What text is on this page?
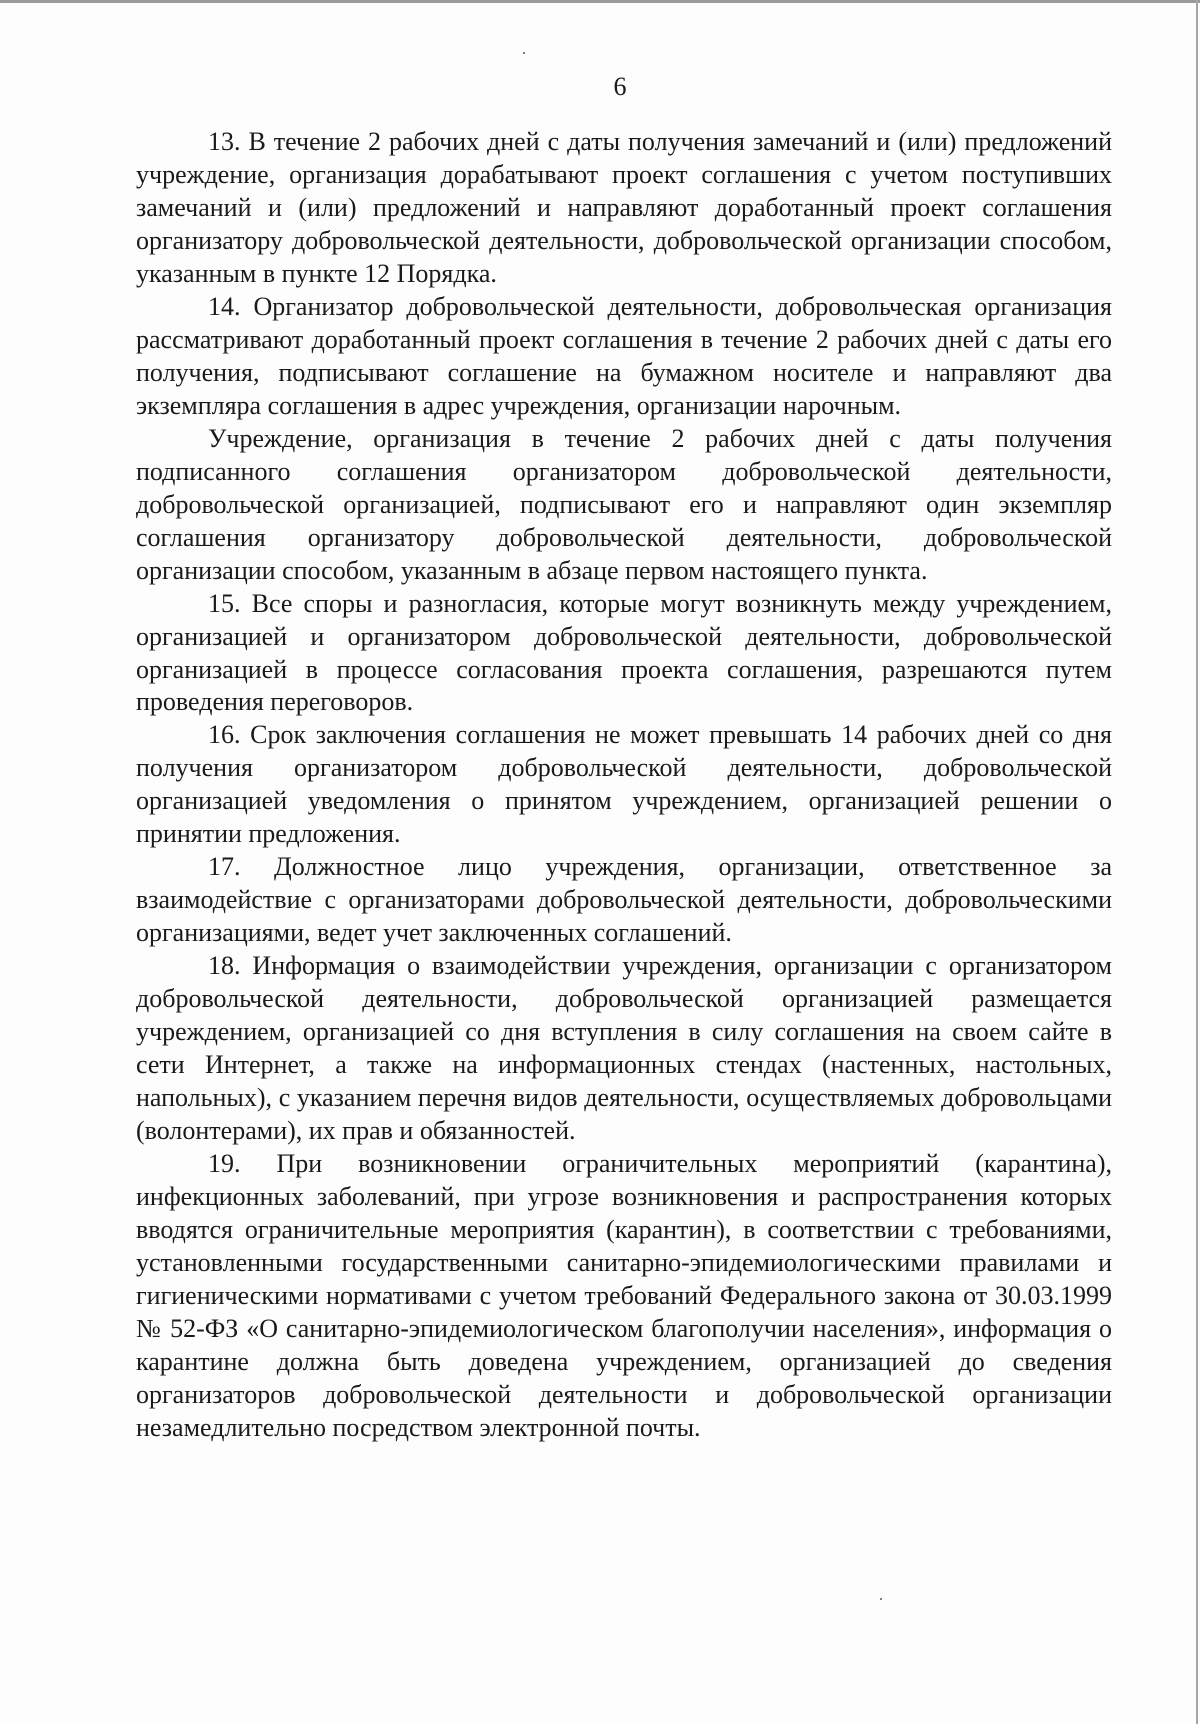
6

13. В течение 2 рабочих дней с даты получения замечаний и (или) предложений учреждение, организация дорабатывают проект соглашения с учетом поступивших замечаний и (или) предложений и направляют доработанный проект соглашения организатору добровольческой деятельности, добровольческой организации способом, указанным в пункте 12 Порядка.

14. Организатор добровольческой деятельности, добровольческая организация рассматривают доработанный проект соглашения в течение 2 рабочих дней с даты его получения, подписывают соглашение на бумажном носителе и направляют два экземпляра соглашения в адрес учреждения, организации нарочным.

Учреждение, организация в течение 2 рабочих дней с даты получения подписанного соглашения организатором добровольческой деятельности, добровольческой организацией, подписывают его и направляют один экземпляр соглашения организатору добровольческой деятельности, добровольческой организации способом, указанным в абзаце первом настоящего пункта.

15. Все споры и разногласия, которые могут возникнуть между учреждением, организацией и организатором добровольческой деятельности, добровольческой организацией в процессе согласования проекта соглашения, разрешаются путем проведения переговоров.

16. Срок заключения соглашения не может превышать 14 рабочих дней со дня получения организатором добровольческой деятельности, добровольческой организацией уведомления о принятом учреждением, организацией решении о принятии предложения.

17. Должностное лицо учреждения, организации, ответственное за взаимодействие с организаторами добровольческой деятельности, добровольческими организациями, ведет учет заключенных соглашений.

18. Информация о взаимодействии учреждения, организации с организатором добровольческой деятельности, добровольческой организацией размещается учреждением, организацией со дня вступления в силу соглашения на своем сайте в сети Интернет, а также на информационных стендах (настенных, настольных, напольных), с указанием перечня видов деятельности, осуществляемых добровольцами (волонтерами), их прав и обязанностей.

19. При возникновении ограничительных мероприятий (карантина), инфекционных заболеваний, при угрозе возникновения и распространения которых вводятся ограничительные мероприятия (карантин), в соответствии с требованиями, установленными государственными санитарно-эпидемиологическими правилами и гигиеническими нормативами с учетом требований Федерального закона от 30.03.1999 № 52-ФЗ «О санитарно-эпидемиологическом благополучии населения», информация о карантине должна быть доведена учреждением, организацией до сведения организаторов добровольческой деятельности и добровольческой организации незамедлительно посредством электронной почты.
